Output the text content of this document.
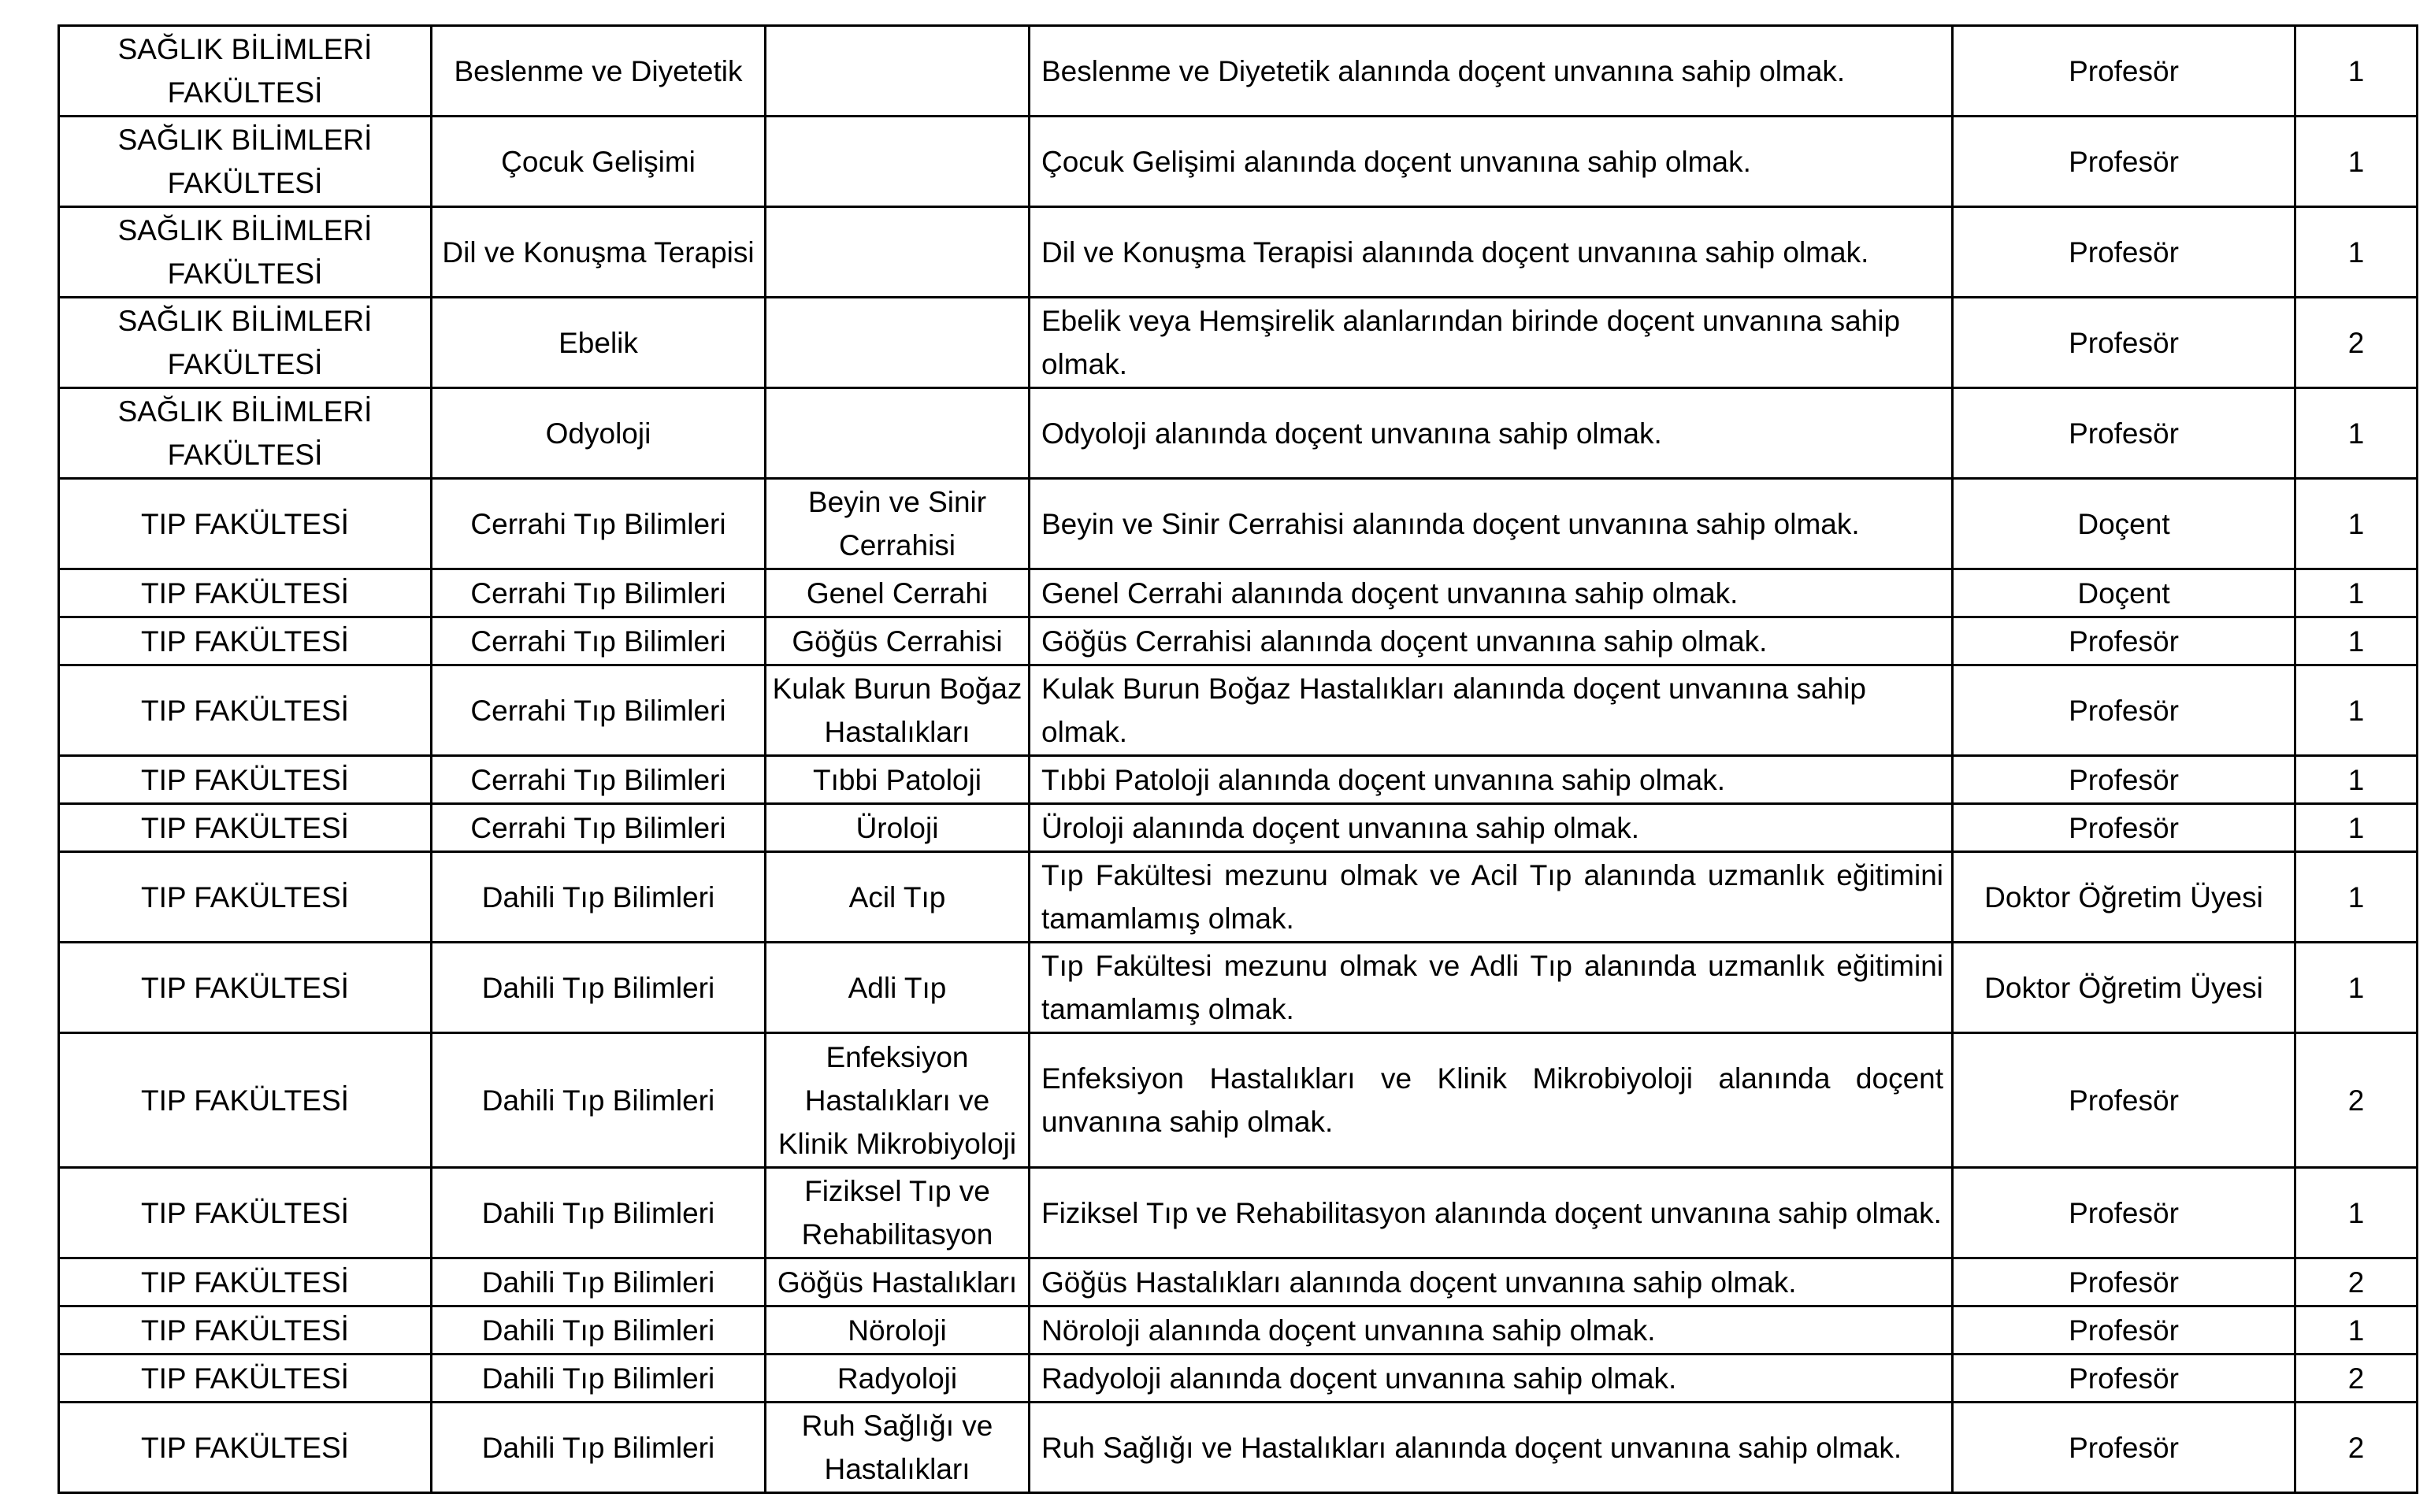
SAĞLIK BİLİMLERİ FAKÜLTESİ	Beslenme ve Diyetetik		Beslenme ve Diyetetik alanında doçent unvanına sahip olmak.	Profesör	1
SAĞLIK BİLİMLERİ FAKÜLTESİ	Çocuk Gelişimi		Çocuk Gelişimi alanında doçent unvanına sahip olmak.	Profesör	1
SAĞLIK BİLİMLERİ FAKÜLTESİ	Dil ve Konuşma Terapisi		Dil ve Konuşma Terapisi alanında doçent unvanına sahip olmak.	Profesör	1
SAĞLIK BİLİMLERİ FAKÜLTESİ	Ebelik		Ebelik veya Hemşirelik alanlarından birinde doçent unvanına sahip olmak.	Profesör	2
SAĞLIK BİLİMLERİ FAKÜLTESİ	Odyoloji		Odyoloji alanında doçent unvanına sahip olmak.	Profesör	1
TIP FAKÜLTESİ	Cerrahi Tıp Bilimleri	Beyin ve Sinir Cerrahisi	Beyin ve Sinir Cerrahisi alanında doçent unvanına sahip olmak.	Doçent	1
TIP FAKÜLTESİ	Cerrahi Tıp Bilimleri	Genel Cerrahi	Genel Cerrahi alanında doçent unvanına sahip olmak.	Doçent	1
TIP FAKÜLTESİ	Cerrahi Tıp Bilimleri	Göğüs Cerrahisi	Göğüs Cerrahisi alanında doçent unvanına sahip olmak.	Profesör	1
TIP FAKÜLTESİ	Cerrahi Tıp Bilimleri	Kulak Burun Boğaz Hastalıkları	Kulak Burun Boğaz Hastalıkları alanında doçent unvanına sahip olmak.	Profesör	1
TIP FAKÜLTESİ	Cerrahi Tıp Bilimleri	Tıbbi Patoloji	Tıbbi Patoloji alanında doçent unvanına sahip olmak.	Profesör	1
TIP FAKÜLTESİ	Cerrahi Tıp Bilimleri	Üroloji	Üroloji alanında doçent unvanına sahip olmak.	Profesör	1
TIP FAKÜLTESİ	Dahili Tıp Bilimleri	Acil Tıp	Tıp Fakültesi mezunu olmak ve Acil Tıp alanında uzmanlık eğitimini tamamlamış olmak.	Doktor Öğretim Üyesi	1
TIP FAKÜLTESİ	Dahili Tıp Bilimleri	Adli Tıp	Tıp Fakültesi mezunu olmak ve Adli Tıp alanında uzmanlık eğitimini tamamlamış olmak.	Doktor Öğretim Üyesi	1
TIP FAKÜLTESİ	Dahili Tıp Bilimleri	Enfeksiyon Hastalıkları ve Klinik Mikrobiyoloji	Enfeksiyon Hastalıkları ve Klinik Mikrobiyoloji alanında doçent unvanına sahip olmak.	Profesör	2
TIP FAKÜLTESİ	Dahili Tıp Bilimleri	Fiziksel Tıp ve Rehabilitasyon	Fiziksel Tıp ve Rehabilitasyon alanında doçent unvanına sahip olmak.	Profesör	1
TIP FAKÜLTESİ	Dahili Tıp Bilimleri	Göğüs Hastalıkları	Göğüs Hastalıkları alanında doçent unvanına sahip olmak.	Profesör	2
TIP FAKÜLTESİ	Dahili Tıp Bilimleri	Nöroloji	Nöroloji alanında doçent unvanına sahip olmak.	Profesör	1
TIP FAKÜLTESİ	Dahili Tıp Bilimleri	Radyoloji	Radyoloji alanında doçent unvanına sahip olmak.	Profesör	2
TIP FAKÜLTESİ	Dahili Tıp Bilimleri	Ruh Sağlığı ve Hastalıkları	Ruh Sağlığı ve Hastalıkları alanında doçent unvanına sahip olmak.	Profesör	2
